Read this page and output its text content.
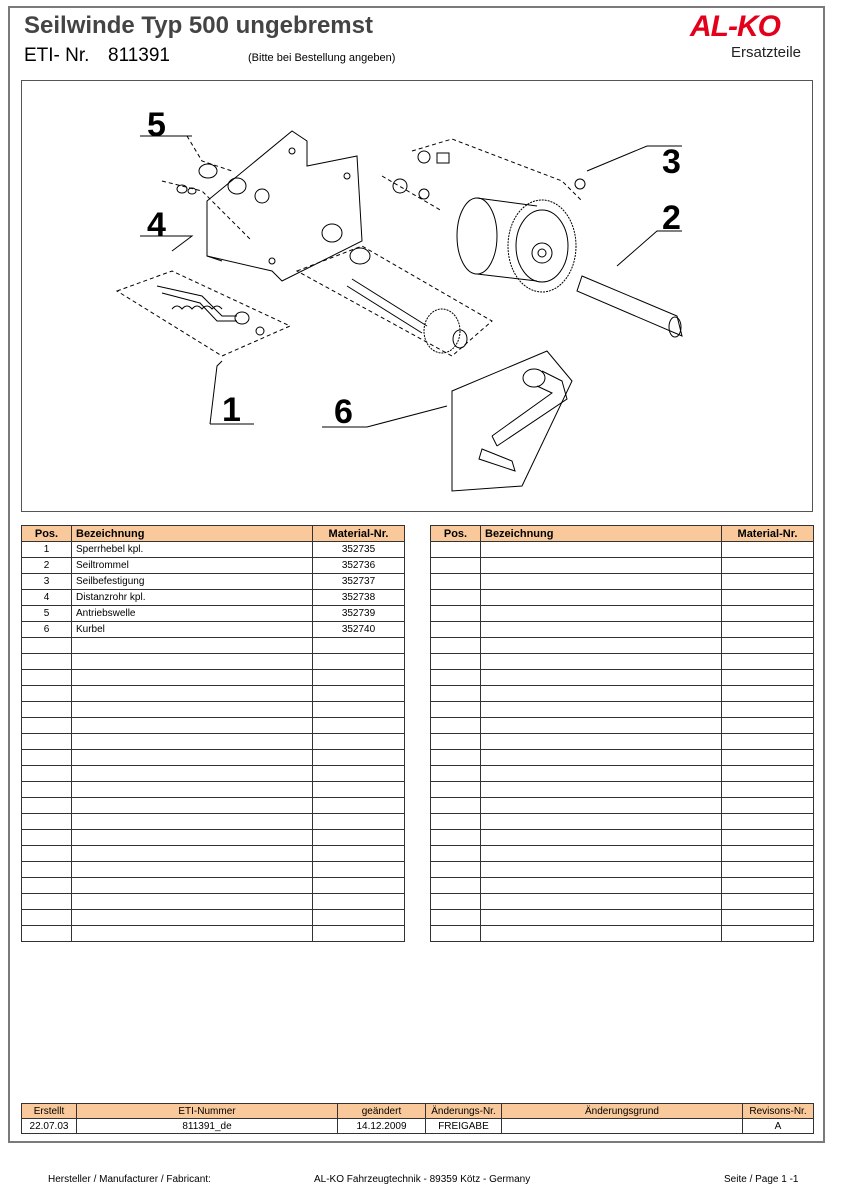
Seilwinde Typ 500 ungebremst
ETI- Nr. 811391	(Bitte bei Bestellung angeben)
AL-KO
Ersatzteile
5
4
3
2
1	6
Pos.	Bezeichnung	Material-Nr.
1	Sperrhebel kpl.	352735
2	Seiltrommel	352736
3	Seilbefestigung	352737
4	Distanzrohr kpl.	352738
5	Antriebswelle	352739
6	Kurbel	352740

Pos.	Bezeichnung	Material-Nr.

Erstellt	ETI-Nummer	geändert	Änderungs-Nr.	Änderungsgrund	Revisons-Nr.
22.07.03	811391_de	14.12.2009	FREIGABE		A
Hersteller / Manufacturer / Fabricant:	AL-KO Fahrzeugtechnik - 89359 Kötz - Germany	Seite / Page 1 -1
